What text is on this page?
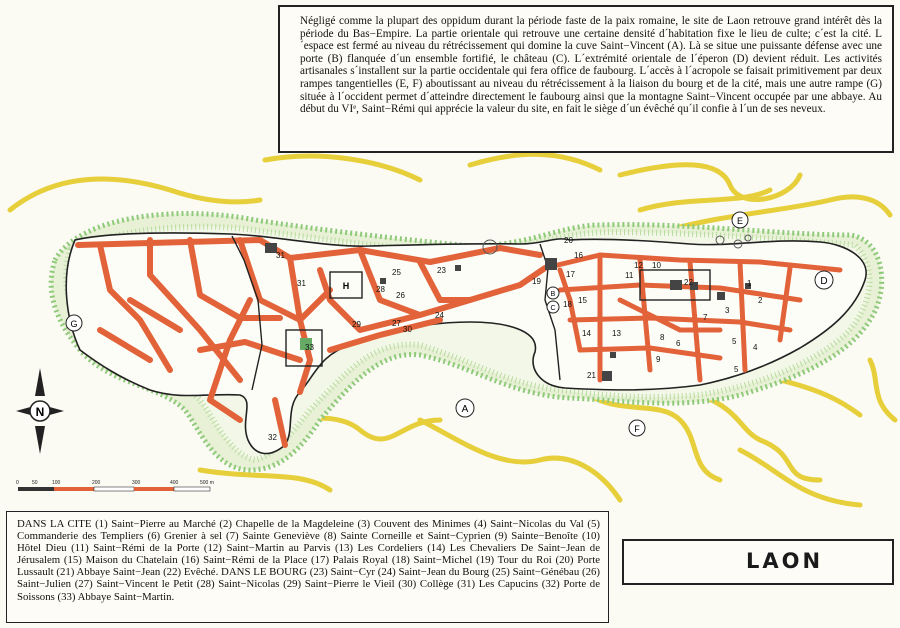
A
D
E
F
G
B
C
H	1
2
3
4
5
5
6
7
8
9
10
11
12
13
14
15
16
17
18
19
20
21
22
23
24
25
26
27
28
29
30
31
31
32
33
Négligé comme la plupart des oppidum durant la période faste de la paix romaine, le site de Laon retrouve grand intérêt dès la période du Bas−Empire. La partie orientale qui retrouve une certaine densité d´habitation fixe le lieu de culte; c´est la cité. L´espace est fermé au niveau du rétrécissement qui domine la cuve Saint−Vincent (A). Là se situe une puissante défense avec une porte (B) flanquée d´un ensemble fortifié, le château (C). L´extrémité orientale de l´éperon (D) devient réduit. Les activités artisanales s´installent sur la partie occidentale qui fera office de faubourg. L´accès à l´acropole se faisait primitivement par deux rampes tangentielles (E, F) aboutissant au niveau du rétrécissement à la liaison du bourg et de la cité, mais une autre rampe (G) située à l´occident permet d´atteindre directement le faubourg ainsi que la montagne Saint−Vincent occupée par une abbaye. Au début du VIᵉ, Saint−Rémi qui apprécie la valeur du site, en fait le siège d´un évêché qu´il confie à l´un de ses neveux.
N
0	50	100	200	300	400	500 m
DANS LA CITE (1) Saint−Pierre au Marché (2) Chapelle de la Magdeleine (3) Couvent des Minimes (4) Saint−Nicolas du Val (5) Commanderie des Templiers (6) Grenier à sel (7) Sainte Geneviève (8) Sainte Corneille et Saint−Cyprien (9) Sainte−Benoîte (10) Hôtel Dieu (11) Saint−Rémi de la Porte (12) Saint−Martin au Parvis (13) Les Cordeliers (14) Les Chevaliers De Saint−Jean de Jérusalem (15) Maison du Chatelain (16) Saint−Rémi de la Place (17) Palais Royal (18) Saint−Michel (19) Tour du Roi (20) Porte Lussault (21) Abbaye Saint−Jean (22) Evêché. DANS LE BOURG (23) Saint−Cyr (24) Saint−Jean du Bourg (25) Saint−Génébau (26) Saint−Julien (27) Saint−Vincent le Petit (28) Saint−Nicolas (29) Saint−Pierre le Vieil (30) Collège (31) Les Capucins (32) Porte de Soissons (33) Abbaye Saint−Martin.
LAON
